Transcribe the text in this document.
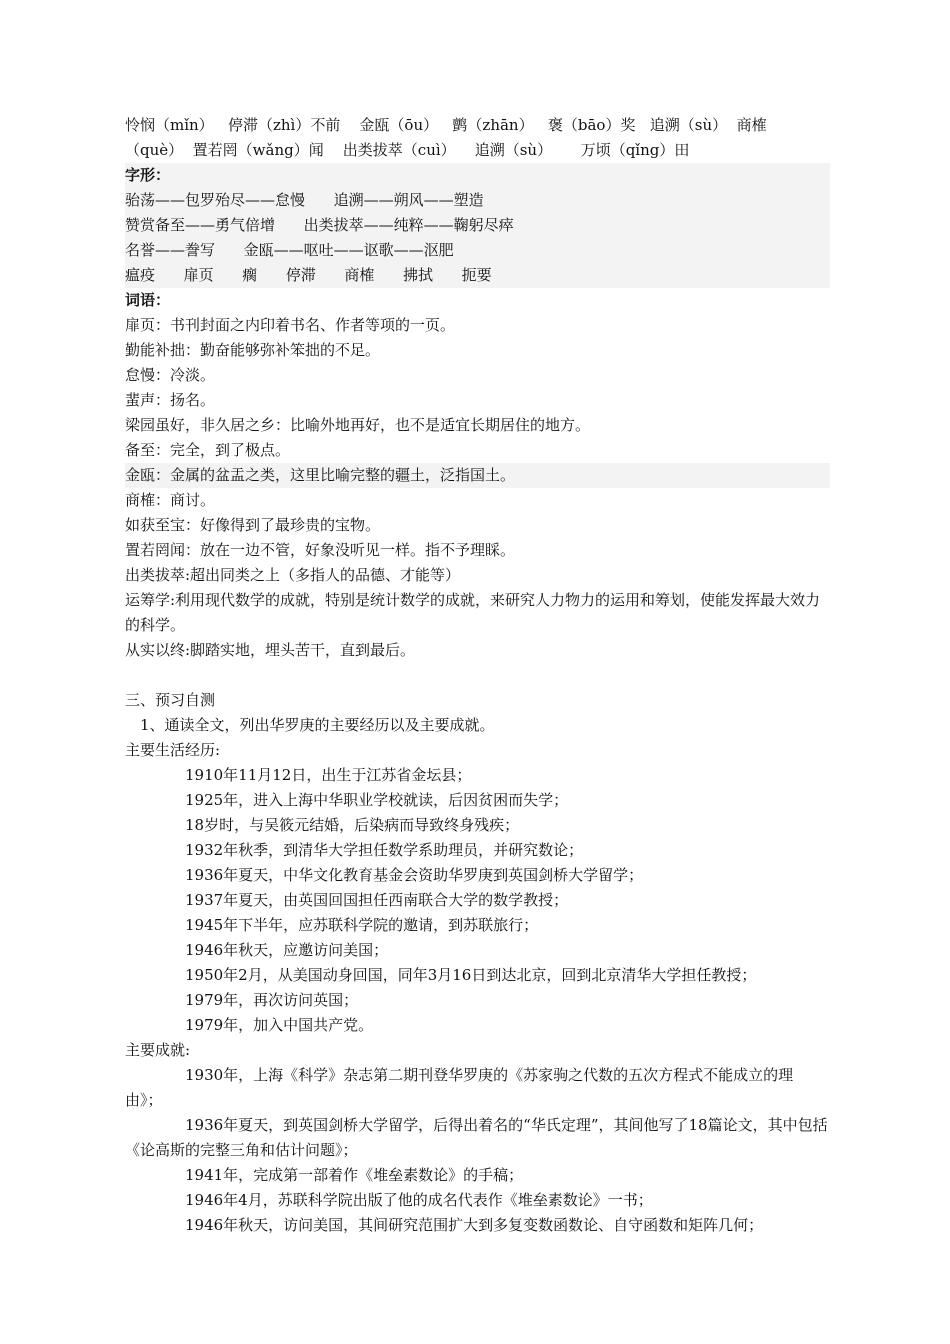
怜悯（mǐn）   停滞（zhì）不前    金瓯（ōu）   鹯（zhān）   褒（bāo）奖   追溯（sù）  商榷
（què）  置若罔（wǎng）闻    出类拔萃（cuì）    追溯（sù）      万顷（qǐng）田
字形：
骀荡——包罗殆尽——怠慢      追溯——朔风——塑造
赞赏备至——勇气倍增      出类拔萃——纯粹——鞠躬尽瘁
名誉——誊写      金瓯——呕吐——讴歌——沤肥
瘟疫      扉页      瘸      停滞      商榷      拂拭      扼要
词语：
扉页：书刊封面之内印着书名、作者等项的一页。
勤能补拙：勤奋能够弥补笨拙的不足。
怠慢：冷淡。
蜚声：扬名。
梁园虽好，非久居之乡：比喻外地再好，也不是适宜长期居住的地方。
备至：完全，到了极点。
金瓯：金属的盆盂之类，这里比喻完整的疆土，泛指国土。
商榷：商讨。
如获至宝：好像得到了最珍贵的宝物。
置若罔闻：放在一边不管，好象没听见一样。指不予理睬。
出类拔萃:超出同类之上（多指人的品德、才能等）
运筹学:利用现代数学的成就，特别是统计数学的成就，来研究人力物力的运用和筹划，使能发挥最大效力的科学。
从实以终:脚踏实地，埋头苦干，直到最后。
三、预习自测
1、通读全文，列出华罗庚的主要经历以及主要成就。
主要生活经历:
1910年11月12日，出生于江苏省金坛县；
1925年，进入上海中华职业学校就读，后因贫困而失学；
18岁时，与吴筱元结婚，后染病而导致终身残疾；
1932年秋季，到清华大学担任数学系助理员，并研究数论；
1936年夏天，中华文化教育基金会资助华罗庚到英国剑桥大学留学；
1937年夏天，由英国回国担任西南联合大学的数学教授；
1945年下半年，应苏联科学院的邀请，到苏联旅行；
1946年秋天，应邀访问美国；
1950年2月，从美国动身回国，同年3月16日到达北京，回到北京清华大学担任教授；
1979年，再次访问英国；
1979年，加入中国共产党。
主要成就:
1930年，上海《科学》杂志第二期刊登华罗庚的《苏家驹之代数的五次方程式不能成立的理由》；
1936年夏天，到英国剑桥大学留学，后得出着名的“华氏定理”，其间他写了18篇论文，其中包括《论高斯的完整三角和估计问题》；
1941年，完成第一部着作《堆垒素数论》的手稿；
1946年4月，苏联科学院出版了他的成名代表作《堆垒素数论》一书；
1946年秋天，访问美国，其间研究范围扩大到多复变数函数论、自守函数和矩阵几何；
